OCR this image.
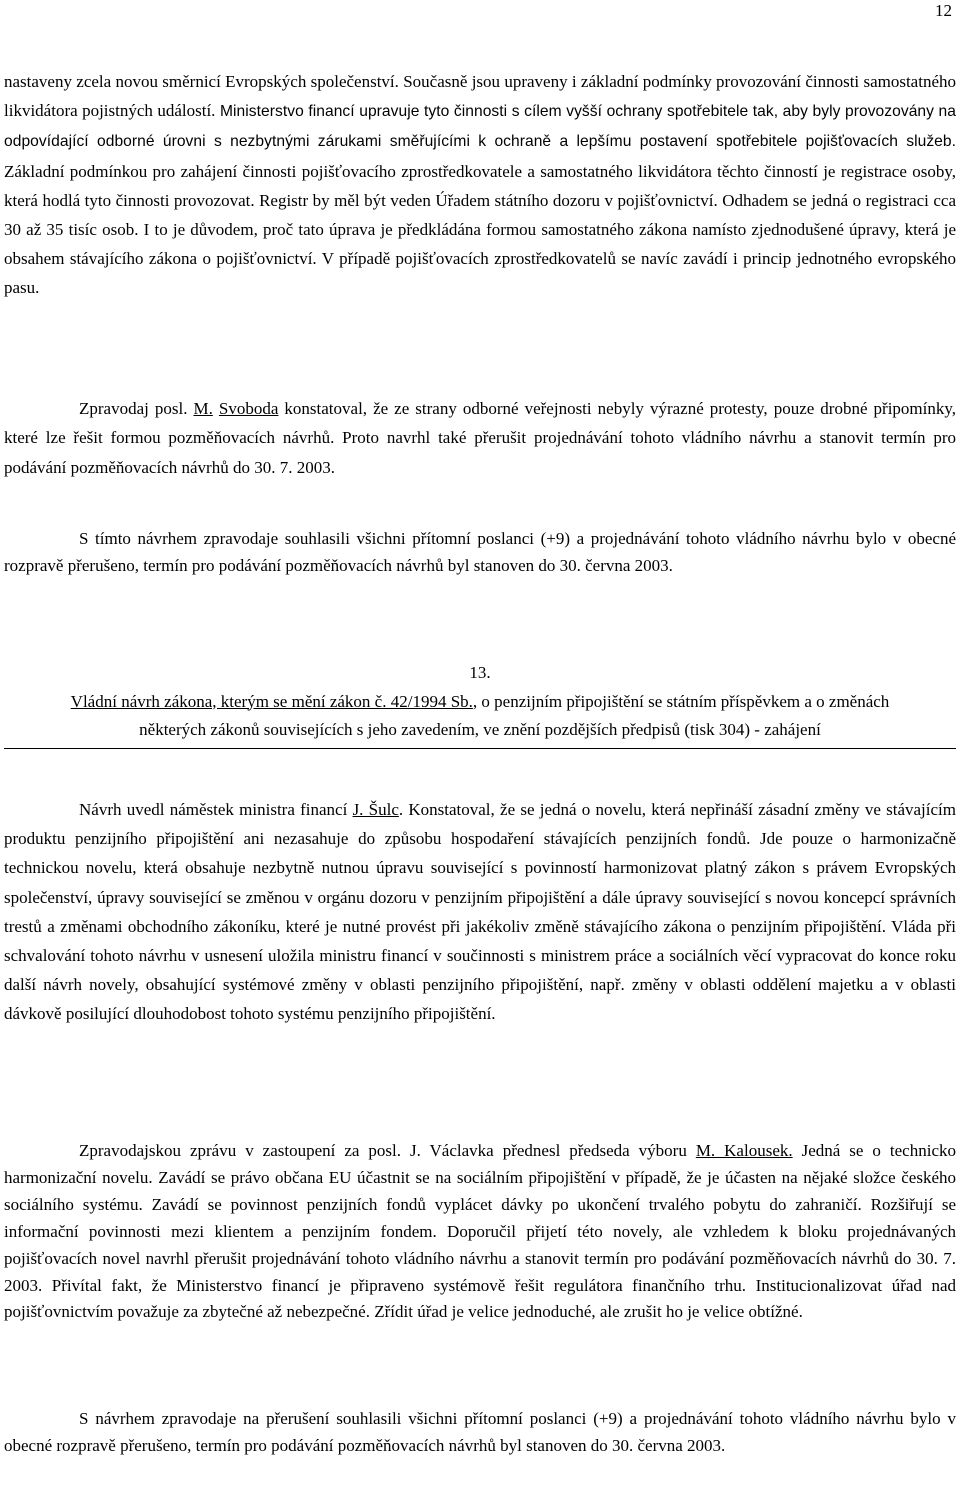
12

nastaveny zcela novou směrnicí Evropských společenství. Současně jsou upraveny i základní podmínky provozování činnosti samostatného likvidátora pojistných událostí. Ministerstvo financí upravuje tyto činnosti s cílem vyšší ochrany spotřebitele tak, aby byly provozovány na odpovídající odborné úrovni s nezbytnými zárukami směřujícími k ochraně a lepšímu postavení spotřebitele pojišťovacích služeb. Základní podmínkou pro zahájení činnosti pojišťovacího zprostředkovatele a samostatného likvidátora těchto činností je registrace osoby, která hodlá tyto činnosti provozovat. Registr by měl být veden Úřadem státního dozoru v pojišťovnictví. Odhadem se jedná o registraci cca 30 až 35 tisíc osob. I to je důvodem, proč tato úprava je předkládána formou samostatného zákona namísto zjednodušené úpravy, která je obsahem stávajícího zákona o pojišťovnictví. V případě pojišťovacích zprostředkovatelů se navíc zavádí i princip jednotného evropského pasu.

Zpravodaj posl. M. Svoboda konstatoval, že ze strany odborné veřejnosti nebyly výrazné protesty, pouze drobné připomínky, které lze řešit formou pozměňovacích návrhů. Proto navrhl také přerušit projednávání tohoto vládního návrhu a stanovit termín pro podávání pozměňovacích návrhů do 30. 7. 2003.

S tímto návrhem zpravodaje souhlasili všichni přítomní poslanci (+9) a projednávání tohoto vládního návrhu bylo v obecné rozpravě přerušeno, termín pro podávání pozměňovacích návrhů byl stanoven do 30. června 2003.

13.
Vládní návrh zákona, kterým se mění zákon č. 42/1994 Sb., o penzijním připojištění se státním příspěvkem a o změnách některých zákonů souvisejících s jeho zavedením, ve znění pozdějších předpisů (tisk 304) - zahájení

Návrh uvedl náměstek ministra financí J. Šulc. Konstatoval, že se jedná o novelu, která nepřináší zásadní změny ve stávajícím produktu penzijního připojištění ani nezasahuje do způsobu hospodaření stávajících penzijních fondů. Jde pouze o harmonizačně technickou novelu, která obsahuje nezbytně nutnou úpravu související s povinností harmonizovat platný zákon s právem Evropských společenství, úpravy související se změnou v orgánu dozoru v penzijním připojištění a dále úpravy související s novou koncepcí správních trestů a změnami obchodního zákoníku, které je nutné provést při jakékoliv změně stávajícího zákona o penzijním připojištění. Vláda při schvalování tohoto návrhu v usnesení uložila ministru financí v součinnosti s ministrem práce a sociálních věcí vypracovat do konce roku další návrh novely, obsahující systémové změny v oblasti penzijního připojištění, např. změny v oblasti oddělení majetku a v oblasti dávkově posilující dlouhodobost tohoto systému penzijního připojištění.

Zpravodajskou zprávu v zastoupení za posl. J. Václavka přednesl předseda výboru M. Kalousek. Jedná se o technicko harmonizační novelu. Zavádí se právo občana EU účastnit se na sociálním připojištění v případě, že je účasten na nějaké složce českého sociálního systému. Zavádí se povinnost penzijních fondů vyplácet dávky po ukončení trvalého pobytu do zahraničí. Rozšiřují se informační povinnosti mezi klientem a penzijním fondem. Doporučil přijetí této novely, ale vzhledem k bloku projednávaných pojišťovacích novel navrhl přerušit projednávání tohoto vládního návrhu a stanovit termín pro podávání pozměňovacích návrhů do 30. 7. 2003. Přivítal fakt, že Ministerstvo financí je připraveno systémově řešit regulátora finančního trhu. Institucionalizovat úřad nad pojišťovnictvím považuje za zbytečné až nebezpečné. Zřídit úřad je velice jednoduché, ale zrušit ho je velice obtížné.

S návrhem zpravodaje na přerušení souhlasili všichni přítomní poslanci (+9) a projednávání tohoto vládního návrhu bylo v obecné rozpravě přerušeno, termín pro podávání pozměňovacích návrhů byl stanoven do 30. června 2003.
